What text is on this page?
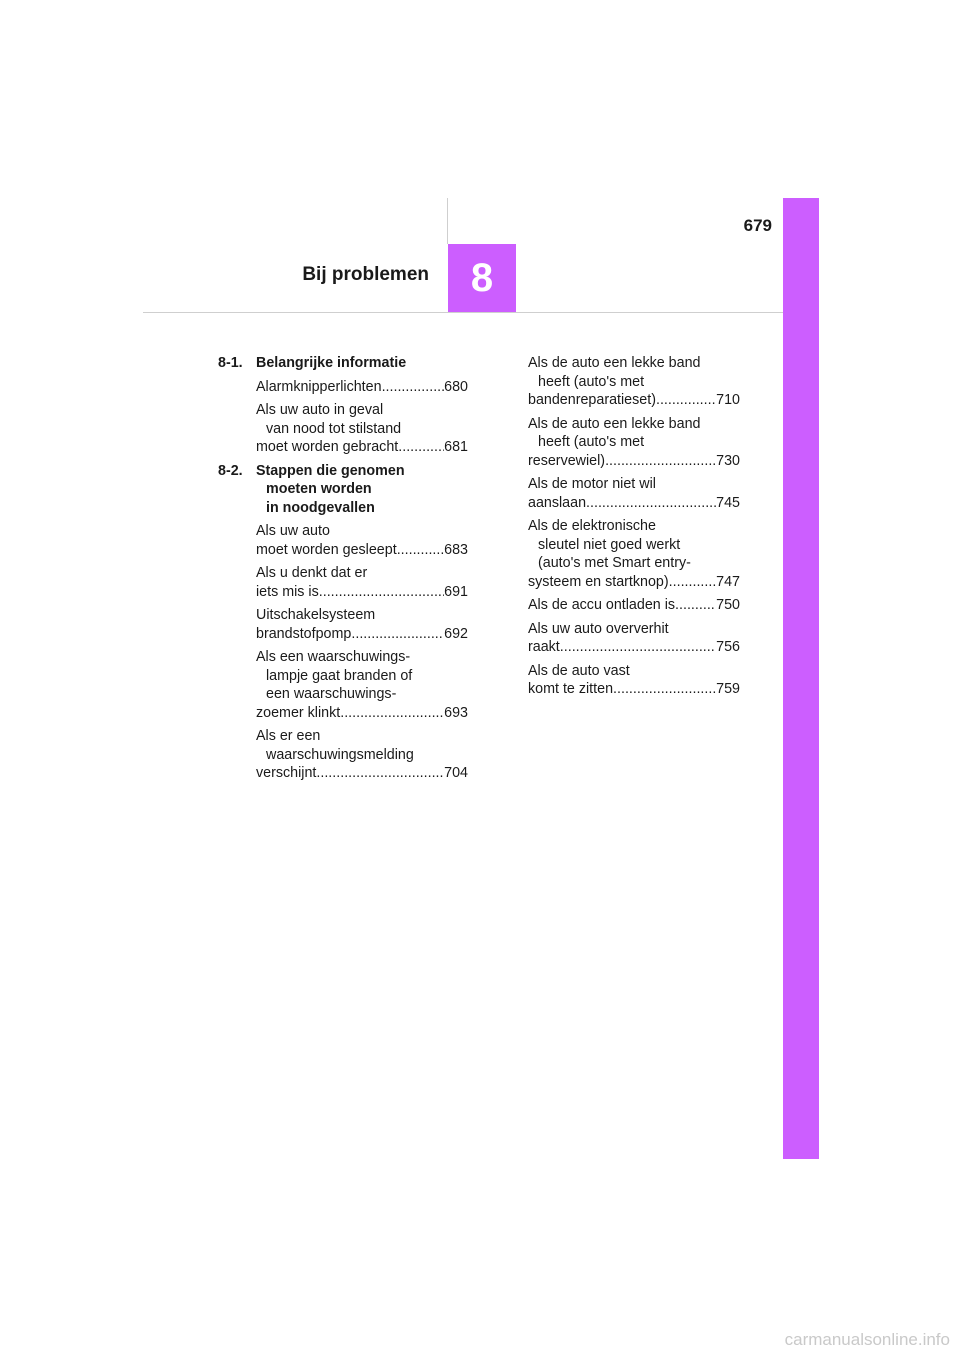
679
Bij problemen 8
8-1. Belangrijke informatie
Alarmknipperlichten .....	680
Als uw auto in geval
van nood tot stilstand
moet worden gebracht .....	681
8-2. Stappen die genomen
moeten worden
in noodgevallen
Als uw auto
moet worden gesleept .....	683
Als u denkt dat er
iets mis is .....	691
Uitschakelsysteem
brandstofpomp .....	692
Als een waarschuwings-
lampje gaat branden of
een waarschuwings-
zoemer klinkt .....	693
Als er een
waarschuwingsmelding
verschijnt .....	704
Als de auto een lekke band
heeft (auto's met
bandenreparatieset) .....	710
Als de auto een lekke band
heeft (auto's met
reservewiel) .....	730
Als de motor niet wil
aanslaan .....	745
Als de elektronische
sleutel niet goed werkt
(auto's met Smart entry-
systeem en startknop) .....	747
Als de accu ontladen is .....	750
Als uw auto oververhit
raakt .....	756
Als de auto vast
komt te zitten .....	759
carmanualsonline.info
